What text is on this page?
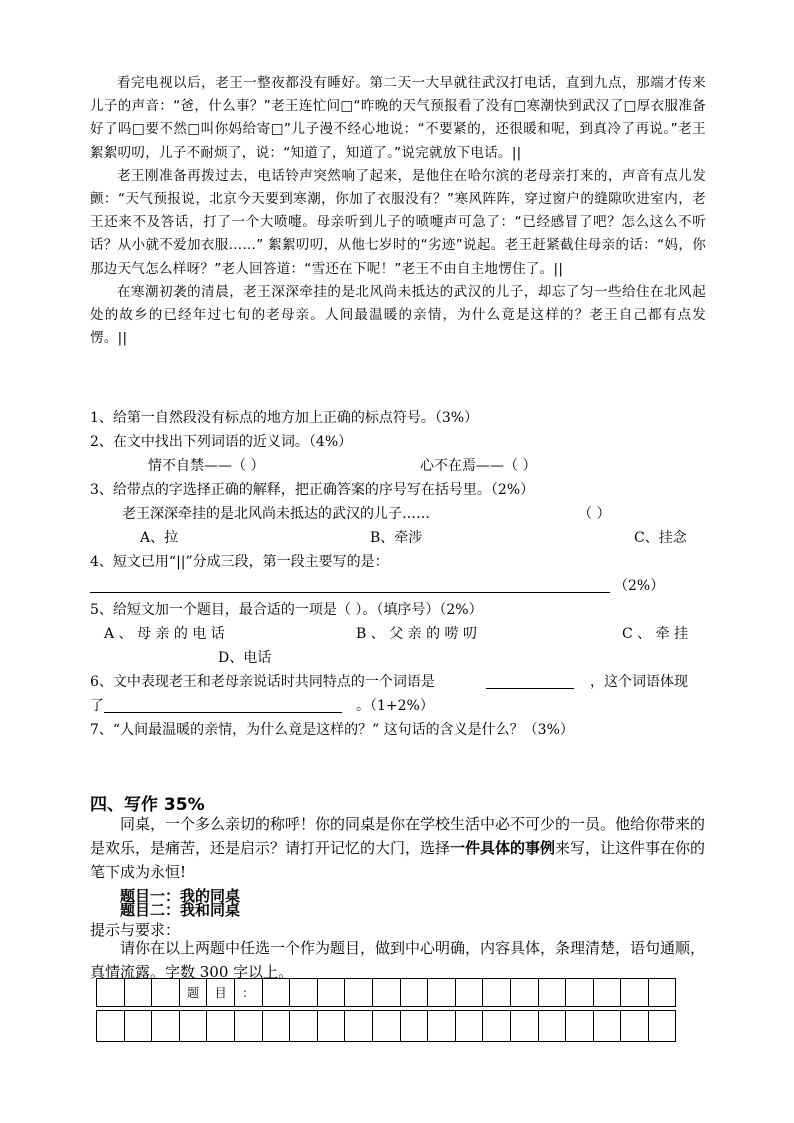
看完电视以后，老王一整夜都没有睡好。第二天一大早就往武汉打电话，直到九点，那端才传来儿子的声音：“爸，什么事？”老王连忙问□“昨晚的天气预报看了没有□寒潮快到武汉了□厚衣服准备好了吗□要不然□叫你妈给寄□”儿子漫不经心地说：“不要紧的，还很暖和呢，到真冷了再说。”老王絮絮叨叨，儿子不耐烦了，说：“知道了，知道了。”说完就放下电话。||

老王刚准备再拨过去，电话铃声突然响了起来，是他住在哈尔滨的老母亲打来的，声音有点儿发颤：“天气预报说，北京今天要到寒潮，你加了衣服没有？”寒风阵阵，穿过窗户的缝隙吹进室内，老王还来不及答话，打了一个大喷嚏。母亲听到儿子的喷嚏声可急了：“已经感冒了吧？怎么这么不听话？从小就不爱加衣服……” 絮絮叨叨，从他七岁时的“劣迹”说起。老王赶紧截住母亲的话：“妈，你那边天气怎么样呀？”老人回答道：“雪还在下呢！”老王不由自主地愣住了。||

在寒潮初袭的清晨，老王深深牵挂的是北风尚未抵达的武汉的儿子，却忘了匀一些给住在北风起处的故乡的已经年过七旬的老母亲。人间最温暖的亲情，为什么竟是这样的？老王自己都有点发愣。||

1、给第一自然段没有标点的地方加上正确的标点符号。（3%）
2、在文中找出下列词语的近义词。（4%）
情不自禁——（ ）	心不在焉——（ ）
3、给带点的字选择正确的解释，把正确答案的序号写在括号里。（2%）
老王深深牵挂的是北风尚未抵达的武汉的儿子……	（ ）
A、拉	B、牵涉	C、挂念
4、短文已用“||”分成三段，第一段主要写的是：
（2%）
5、给短文加一个题目，最合适的一项是（ ）。（填序号）（2%）
A 、 母 亲 的 电 话	B 、 父 亲 的 唠 叨	C 、 牵 挂
D、电话
6、文中表现老王和老母亲说话时共同特点的一个词语是	，这个词语体现
了	。（1+2%）
7、“人间最温暖的亲情，为什么竟是这样的？” 这句话的含义是什么？（3%）
四、写作 35%

同桌，一个多么亲切的称呼！你的同桌是你在学校生活中必不可少的一员。他给你带来的是欢乐，是痛苦，还是启示？请打开记忆的大门，选择一件具体的事例来写，让这件事在你的笔下成为永恒!

题目一：我的同桌
题目二：我和同桌
提示与要求：

请你在以上两题中任选一个作为题目，做到中心明确，内容具体，条理清楚，语句通顺，真情流露。字数 300 字以上。

			题	目	：															
